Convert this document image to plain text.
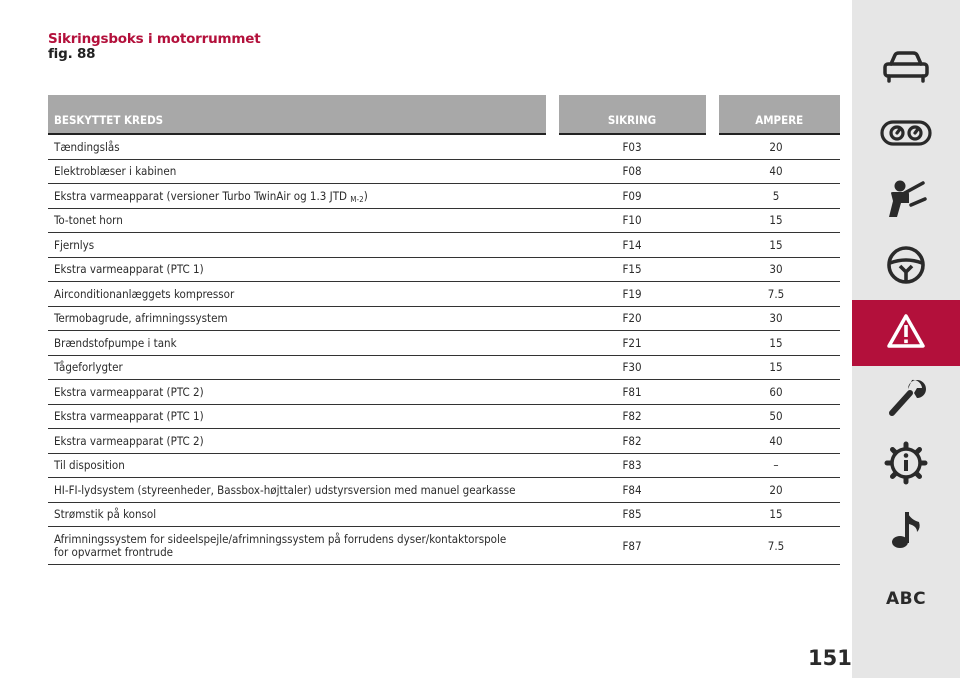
Sikringsboks i motorrummet
fig. 88
BESKYTTET KREDS	SIKRING	AMPERE
Tændingslås	F03	20
Elektroblæser i kabinen	F08	40
Ekstra varmeapparat (versioner Turbo TwinAir og 1.3 JTD M-2)	F09	5
To-tonet horn	F10	15
Fjernlys	F14	15
Ekstra varmeapparat (PTC 1)	F15	30
Airconditionanlæggets kompressor	F19	7.5
Termobagrude, afrimningssystem	F20	30
Brændstofpumpe i tank	F21	15
Tågeforlygter	F30	15
Ekstra varmeapparat (PTC 2)	F81	60
Ekstra varmeapparat (PTC 1)	F82	50
Ekstra varmeapparat (PTC 2)	F82	40
Til disposition	F83	–
HI-FI-lydsystem (styreenheder, Bassbox-højttaler) udstyrsversion med manuel gearkasse	F84	20
Strømstik på konsol	F85	15
Afrimningssystem for sideelspejle/afrimningssystem på forrudens dyser/kontaktorspole
for opvarmet frontrude	F87	7.5
ABC
151
